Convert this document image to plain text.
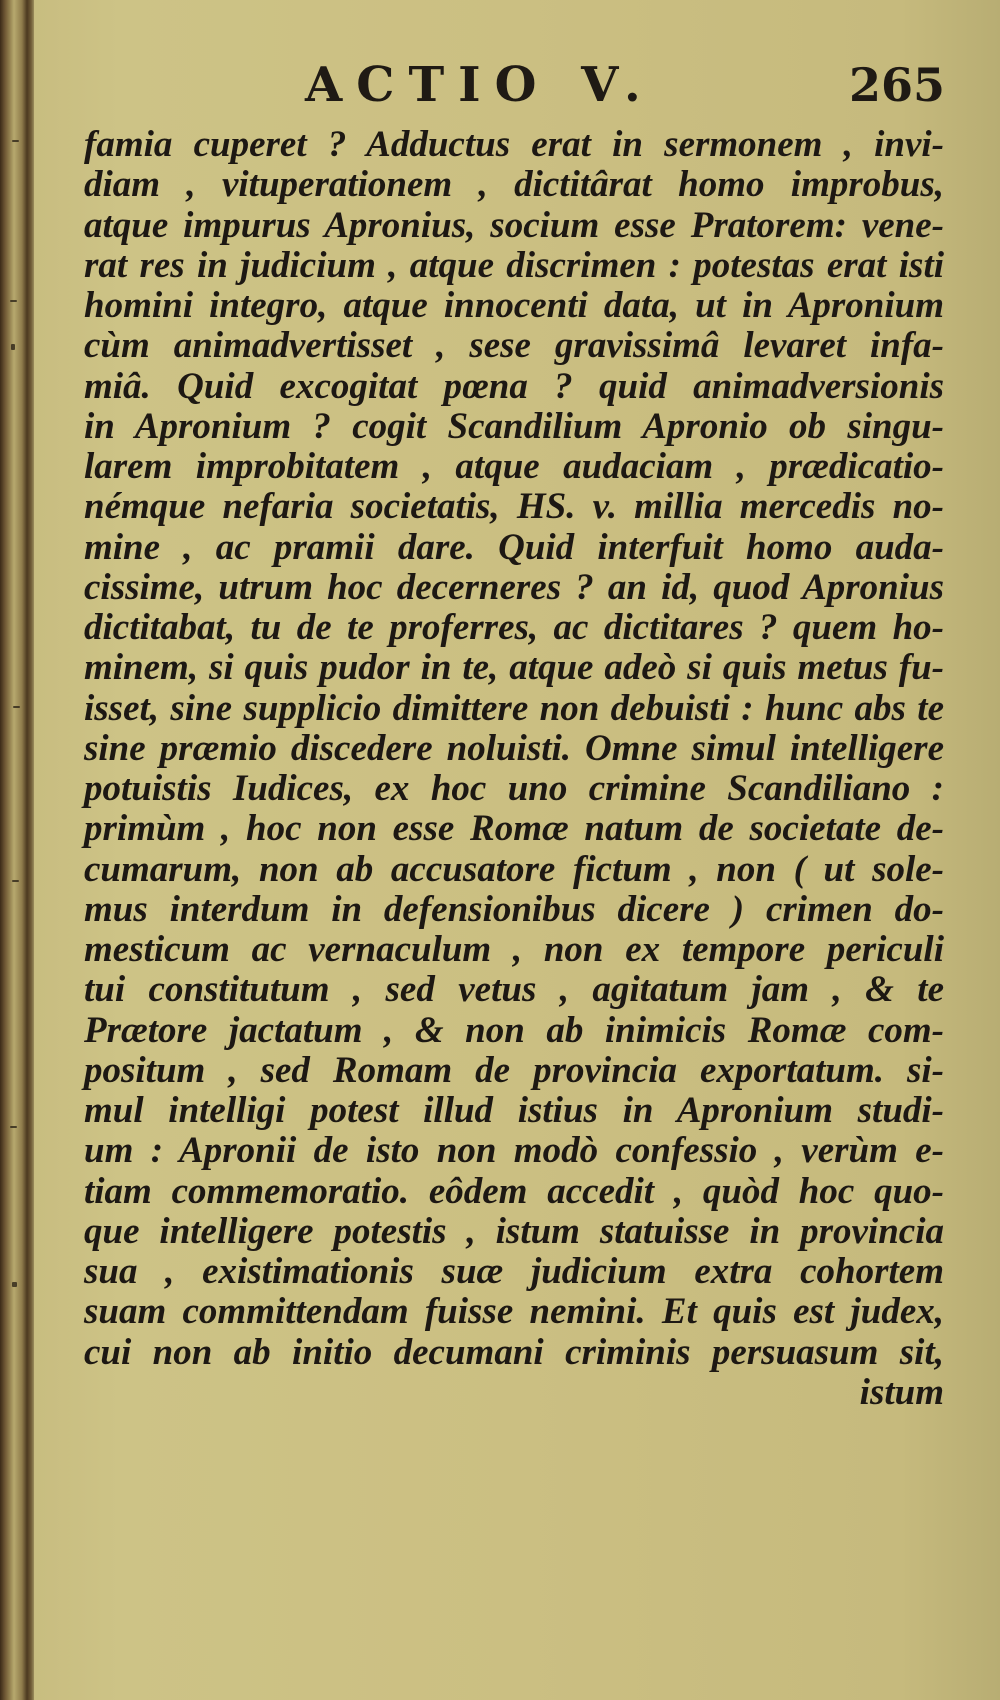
ACTIO V.	265
famia cuperet ? Adductus erat in sermonem , invi-
diam , vituperationem , dictitârat homo improbus,
atque impurus Apronius, socium esse Pratorem: vene-
rat res in judicium , atque discrimen : potestas erat isti
homini integro, atque innocenti data, ut in Apronium
cùm animadvertisset , sese gravissimâ levaret infa-
miâ. Quid excogitat pœna ? quid animadversionis
in Apronium ? cogit Scandilium Apronio ob singu-
larem improbitatem , atque audaciam , prædicatio-
némque nefaria societatis, HS. v. millia mercedis no-
mine , ac pramii dare. Quid interfuit homo auda-
cissime, utrum hoc decerneres ? an id, quod Apronius
dictitabat, tu de te proferres, ac dictitares ? quem ho-
minem, si quis pudor in te, atque adeò si quis metus fu-
isset, sine supplicio dimittere non debuisti : hunc abs te
sine præmio discedere noluisti. Omne simul intelligere
potuistis Iudices, ex hoc uno crimine Scandiliano :
primùm , hoc non esse Romæ natum de societate de-
cumarum, non ab accusatore fictum , non ( ut sole-
mus interdum in defensionibus dicere ) crimen do-
mesticum ac vernaculum , non ex tempore periculi
tui constitutum , sed vetus , agitatum jam , & te
Prætore jactatum , & non ab inimicis Romæ com-
positum , sed Romam de provincia exportatum. si-
mul intelligi potest illud istius in Apronium studi-
um : Apronii de isto non modò confessio , verùm e-
tiam commemoratio. eôdem accedit , quòd hoc quo-
que intelligere potestis , istum statuisse in provincia
sua , existimationis suæ judicium extra cohortem
suam committendam fuisse nemini. Et quis est judex,
cui non ab initio decumani criminis persuasum sit,
istum
